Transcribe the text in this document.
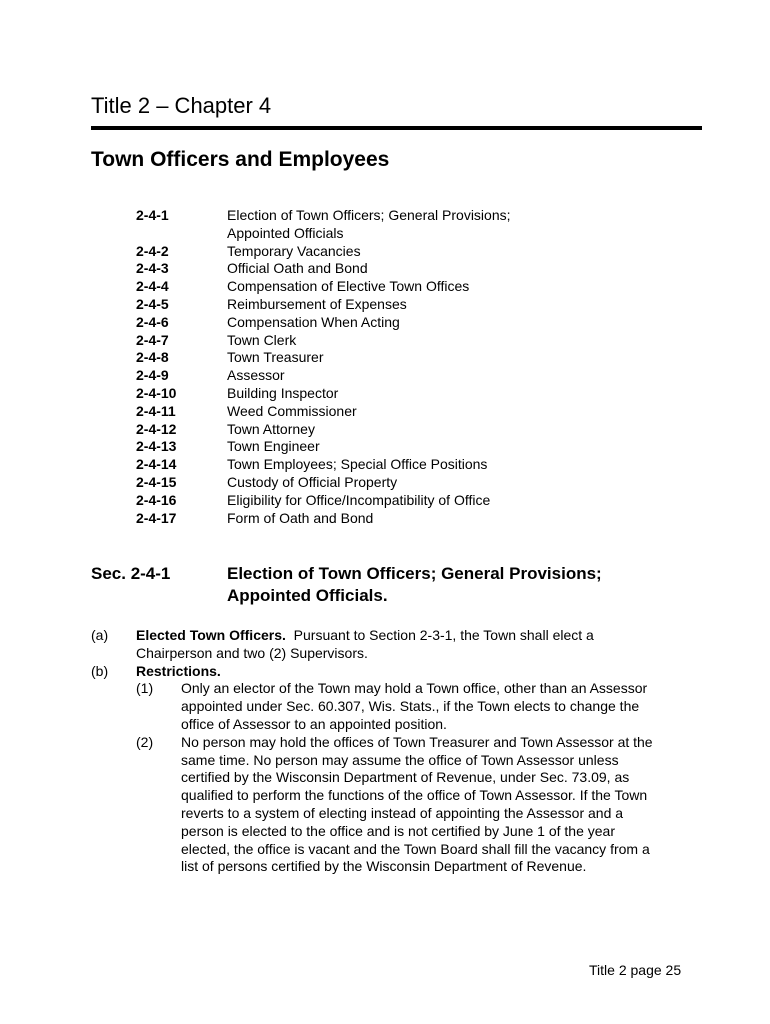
Title 2 – Chapter 4
Town Officers and Employees
2-4-1	Election of Town Officers; General Provisions; Appointed Officials
2-4-2	Temporary Vacancies
2-4-3	Official Oath and Bond
2-4-4	Compensation of Elective Town Offices
2-4-5	Reimbursement of Expenses
2-4-6	Compensation When Acting
2-4-7	Town Clerk
2-4-8	Town Treasurer
2-4-9	Assessor
2-4-10	Building Inspector
2-4-11	Weed Commissioner
2-4-12	Town Attorney
2-4-13	Town Engineer
2-4-14	Town Employees; Special Office Positions
2-4-15	Custody of Official Property
2-4-16	Eligibility for Office/Incompatibility of Office
2-4-17	Form of Oath and Bond
Sec. 2-4-1	Election of Town Officers; General Provisions; Appointed Officials.
(a)	Elected Town Officers. Pursuant to Section 2-3-1, the Town shall elect a Chairperson and two (2) Supervisors.
(b)	Restrictions.
(1)	Only an elector of the Town may hold a Town office, other than an Assessor appointed under Sec. 60.307, Wis. Stats., if the Town elects to change the office of Assessor to an appointed position.
(2)	No person may hold the offices of Town Treasurer and Town Assessor at the same time. No person may assume the office of Town Assessor unless certified by the Wisconsin Department of Revenue, under Sec. 73.09, as qualified to perform the functions of the office of Town Assessor. If the Town reverts to a system of electing instead of appointing the Assessor and a person is elected to the office and is not certified by June 1 of the year elected, the office is vacant and the Town Board shall fill the vacancy from a list of persons certified by the Wisconsin Department of Revenue.
Title 2 page 25
